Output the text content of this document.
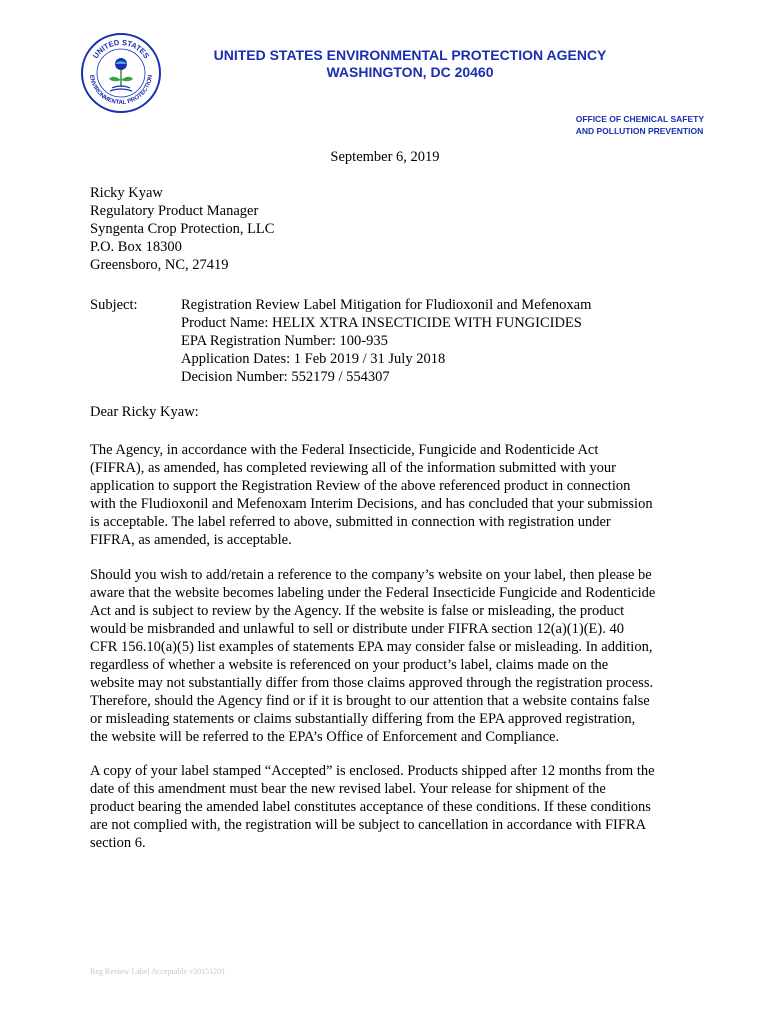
UNITED STATES
ENVIRONMENTAL PROTECTION
UNITED STATES ENVIRONMENTAL PROTECTION AGENCY
WASHINGTON, DC 20460
OFFICE OF CHEMICAL SAFETY
AND POLLUTION PREVENTION
September 6, 2019
Ricky Kyaw
Regulatory Product Manager
Syngenta Crop Protection, LLC
P.O. Box 18300
Greensboro, NC, 27419
Subject:	Registration Review Label Mitigation for Fludioxonil and Mefenoxam
Product Name: HELIX XTRA INSECTICIDE WITH FUNGICIDES
EPA Registration Number: 100-935
Application Dates: 1 Feb 2019 / 31 July 2018
Decision Number: 552179 / 554307
Dear Ricky Kyaw:
The Agency, in accordance with the Federal Insecticide, Fungicide and Rodenticide Act
(FIFRA), as amended, has completed reviewing all of the information submitted with your
application to support the Registration Review of the above referenced product in connection
with the Fludioxonil and Mefenoxam Interim Decisions, and has concluded that your submission
is acceptable. The label referred to above, submitted in connection with registration under
FIFRA, as amended, is acceptable.
Should you wish to add/retain a reference to the company’s website on your label, then please be
aware that the website becomes labeling under the Federal Insecticide Fungicide and Rodenticide
Act and is subject to review by the Agency. If the website is false or misleading, the product
would be misbranded and unlawful to sell or distribute under FIFRA section 12(a)(1)(E). 40
CFR 156.10(a)(5) list examples of statements EPA may consider false or misleading. In addition,
regardless of whether a website is referenced on your product’s label, claims made on the
website may not substantially differ from those claims approved through the registration process.
Therefore, should the Agency find or if it is brought to our attention that a website contains false
or misleading statements or claims substantially differing from the EPA approved registration,
the website will be referred to the EPA’s Office of Enforcement and Compliance.
A copy of your label stamped “Accepted” is enclosed. Products shipped after 12 months from the
date of this amendment must bear the new revised label. Your release for shipment of the
product bearing the amended label constitutes acceptance of these conditions. If these conditions
are not complied with, the registration will be subject to cancellation in accordance with FIFRA
section 6.
Reg Review Label Acceptable v20151201
